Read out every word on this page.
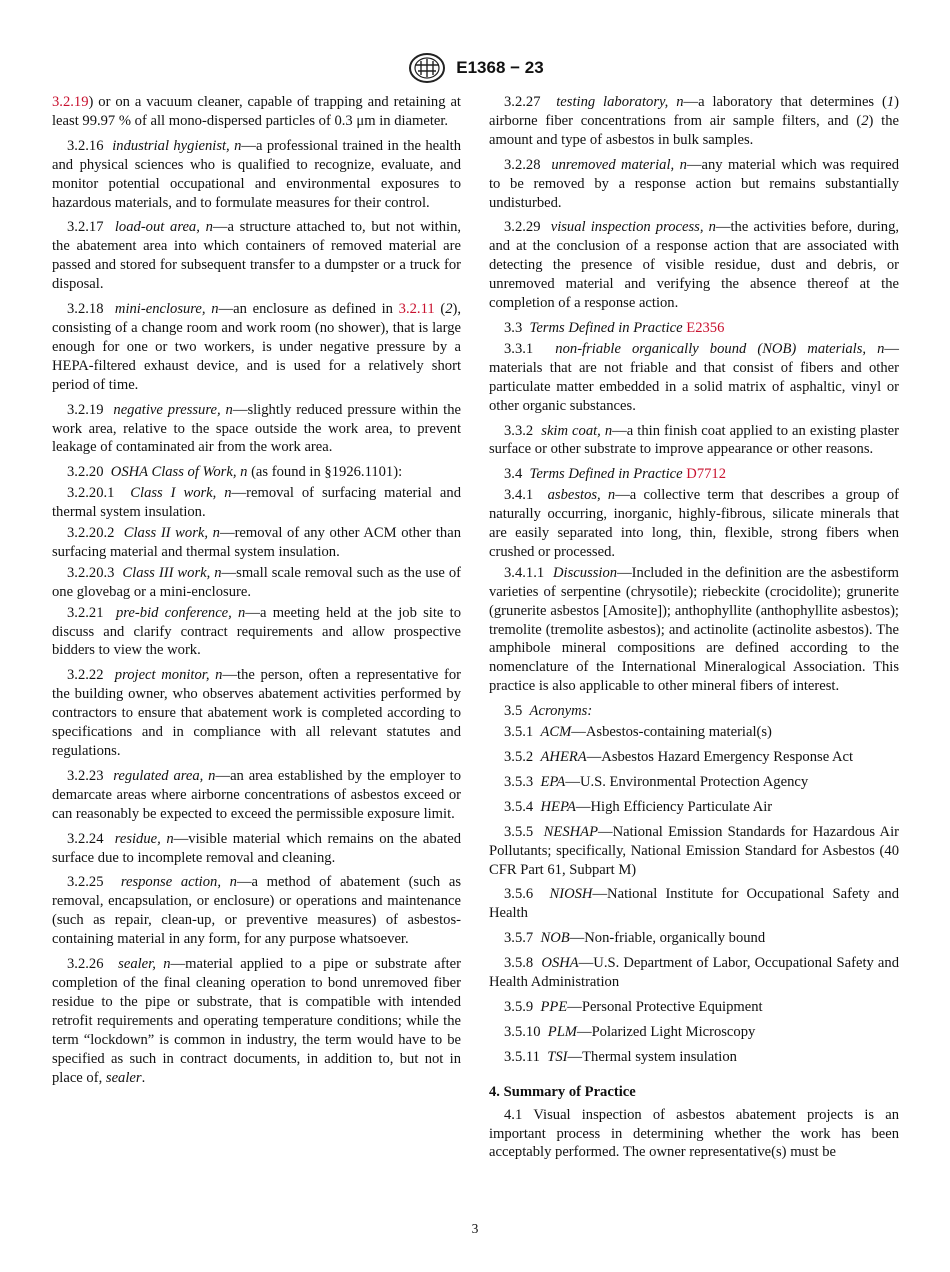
E1368 − 23

3.2.19) or on a vacuum cleaner, capable of trapping and retaining at least 99.97 % of all mono-dispersed particles of 0.3 μm in diameter.

3.2.16 industrial hygienist, n—a professional trained in the health and physical sciences who is qualified to recognize, evaluate, and monitor potential occupational and environmental exposures to hazardous materials, and to formulate measures for their control.

3.2.17 load-out area, n—a structure attached to, but not within, the abatement area into which containers of removed material are passed and stored for subsequent transfer to a dumpster or a truck for disposal.

3.2.18 mini-enclosure, n—an enclosure as defined in 3.2.11 (2), consisting of a change room and work room (no shower), that is large enough for one or two workers, is under negative pressure by a HEPA-filtered exhaust device, and is used for a relatively short period of time.

3.2.19 negative pressure, n—slightly reduced pressure within the work area, relative to the space outside the work area, to prevent leakage of contaminated air from the work area.

3.2.20 OSHA Class of Work, n (as found in §1926.1101):

3.2.20.1 Class I work, n—removal of surfacing material and thermal system insulation.

3.2.20.2 Class II work, n—removal of any other ACM other than surfacing material and thermal system insulation.

3.2.20.3 Class III work, n—small scale removal such as the use of one glovebag or a mini-enclosure.

3.2.21 pre-bid conference, n—a meeting held at the job site to discuss and clarify contract requirements and allow prospective bidders to view the work.

3.2.22 project monitor, n—the person, often a representative for the building owner, who observes abatement activities performed by contractors to ensure that abatement work is completed according to specifications and in compliance with all relevant statutes and regulations.

3.2.23 regulated area, n—an area established by the employer to demarcate areas where airborne concentrations of asbestos exceed or can reasonably be expected to exceed the permissible exposure limit.

3.2.24 residue, n—visible material which remains on the abated surface due to incomplete removal and cleaning.

3.2.25 response action, n—a method of abatement (such as removal, encapsulation, or enclosure) or operations and maintenance (such as repair, clean-up, or preventive measures) of asbestos-containing material in any form, for any purpose whatsoever.

3.2.26 sealer, n—material applied to a pipe or substrate after completion of the final cleaning operation to bond unremoved fiber residue to the pipe or substrate, that is compatible with intended retrofit requirements and operating temperature conditions; while the term “lockdown” is common in industry, the term would have to be specified as such in contract documents, in addition to, but not in place of, sealer.

3.2.27 testing laboratory, n—a laboratory that determines (1) airborne fiber concentrations from air sample filters, and (2) the amount and type of asbestos in bulk samples.

3.2.28 unremoved material, n—any material which was required to be removed by a response action but remains substantially undisturbed.

3.2.29 visual inspection process, n—the activities before, during, and at the conclusion of a response action that are associated with detecting the presence of visible residue, dust and debris, or unremoved material and verifying the absence thereof at the completion of a response action.

3.3 Terms Defined in Practice E2356

3.3.1 non-friable organically bound (NOB) materials, n—materials that are not friable and that consist of fibers and other particulate matter embedded in a solid matrix of asphaltic, vinyl or other organic substances.

3.3.2 skim coat, n—a thin finish coat applied to an existing plaster surface or other substrate to improve appearance or other reasons.

3.4 Terms Defined in Practice D7712

3.4.1 asbestos, n—a collective term that describes a group of naturally occurring, inorganic, highly-fibrous, silicate minerals that are easily separated into long, thin, flexible, strong fibers when crushed or processed.

3.4.1.1 Discussion—Included in the definition are the asbestiform varieties of serpentine (chrysotile); riebeckite (crocidolite); grunerite (grunerite asbestos [Amosite]); anthophyllite (anthophyllite asbestos); tremolite (tremolite asbestos); and actinolite (actinolite asbestos). The amphibole mineral compositions are defined according to the nomenclature of the International Mineralogical Association. This practice is also applicable to other mineral fibers of interest.

3.5 Acronyms:

3.5.1 ACM—Asbestos-containing material(s)

3.5.2 AHERA—Asbestos Hazard Emergency Response Act

3.5.3 EPA—U.S. Environmental Protection Agency

3.5.4 HEPA—High Efficiency Particulate Air

3.5.5 NESHAP—National Emission Standards for Hazardous Air Pollutants; specifically, National Emission Standard for Asbestos (40 CFR Part 61, Subpart M)

3.5.6 NIOSH—National Institute for Occupational Safety and Health

3.5.7 NOB—Non-friable, organically bound

3.5.8 OSHA—U.S. Department of Labor, Occupational Safety and Health Administration

3.5.9 PPE—Personal Protective Equipment

3.5.10 PLM—Polarized Light Microscopy

3.5.11 TSI—Thermal system insulation

4. Summary of Practice

4.1 Visual inspection of asbestos abatement projects is an important process in determining whether the work has been acceptably performed. The owner representative(s) must be

3
